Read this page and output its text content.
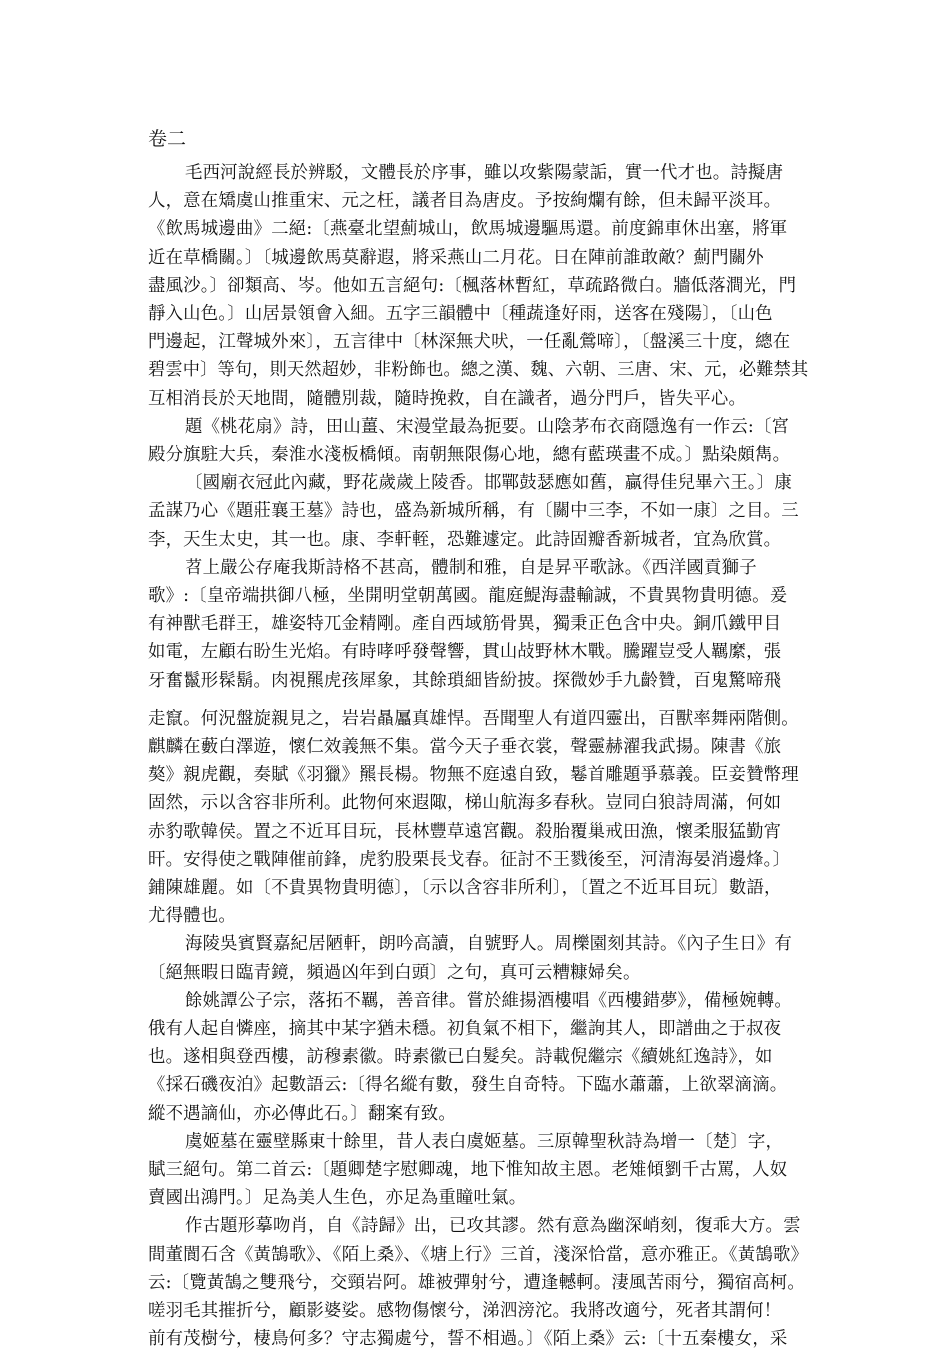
卷二
毛西河說經長於辨駁，文體長於序事，雖以攻紫陽蒙詬，實一代才也。詩擬唐
人，意在矯虞山推重宋、元之枉，議者目為唐皮。予按絢爛有餘，但未歸平淡耳。
《飲馬城邊曲》二絕:〔燕臺北望薊城山，飲馬城邊驅馬還。前度錦車休出塞，將軍
近在草橋關。〕〔城邊飲馬莫辭遐，將采燕山二月花。日在陣前誰敢敵？薊門關外
盡風沙。〕卻類高、岑。他如五言絕句:〔楓落林暫紅，草疏路微白。牆低落澗光，門
靜入山色。〕山居景領會入細。五字三韻體中〔種蔬逢好雨，送客在殘陽〕，〔山色
門邊起，江聲城外來〕，五言律中〔林深無犬吠，一任亂鶯啼〕，〔盤溪三十度，總在
碧雲中〕等句，則天然超妙，非粉飾也。總之漢、魏、六朝、三唐、宋、元，必難禁其
互相消長於天地間，隨體別裁，隨時挽救，自在識者，過分門戶，皆失平心。
題《桃花扇》詩，田山薑、宋漫堂最為扼要。山陰茅布衣商隱逸有一作云:〔宮
殿分旗駐大兵，秦淮水淺板橋傾。南朝無限傷心地，總有藍瑛畫不成。〕點染頗雋。
〔國廟衣冠此內藏，野花歲歲上陵香。邯鄲鼓瑟應如舊，贏得佳兒畢六王。〕康
孟謀乃心《題莊襄王墓》詩也，盛為新城所稱，有〔關中三李，不如一康〕之目。三
李，天生太史，其一也。康、李軒輊，恐難遽定。此詩固瓣香新城者，宜為欣賞。
苕上嚴公存庵我斯詩格不甚高，體制和雅，自是昇平歌詠。《西洋國貢獅子
歌》:〔皇帝端拱御八極，坐開明堂朝萬國。龍庭鯷海盡輸誠，不貴異物貴明德。爰
有神獸毛群王，雄姿特兀金精剛。產自西域筋骨異，獨秉正色含中央。銅爪鐵甲目
如電，左顧右盼生光焰。有時哮呼發聲響，貫山敁野林木戰。騰躍豈受人羈縻，張
牙奮鬣形髹鬍。肉視羆虎孩犀象，其餘瑣細皆紛披。探微妙手九齡贊，百鬼驚啼飛
走竄。何況盤旋親見之，岩岩贔屭真雄悍。吾聞聖人有道四靈出，百獸率舞兩階側。
麒麟在藪白澤遊，懷仁效義無不集。當今天子垂衣裳，聲靈赫濯我武揚。陳書《旅
獒》親虎觀，奏賦《羽獵》羆長楊。物無不庭遠自致，鬈首雕題爭慕義。臣妾贊幣理
固然，示以含容非所利。此物何來遐陬，梯山航海多春秋。豈同白狼詩周滿，何如
赤豹歌韓侯。置之不近耳目玩，長林豐草遠宮觀。殺胎覆巢戒田漁，懷柔服猛勤宵
旰。安得使之戰陣催前鋒，虎豹股栗長戈春。征討不王戮後至，河清海晏消邊烽。〕
鋪陳雄麗。如〔不貴異物貴明德〕，〔示以含容非所利〕，〔置之不近耳目玩〕數語，
尤得體也。
海陵吳賓賢嘉紀居陋軒，朗吟高讀，自號野人。周櫟園刻其詩。《內子生日》有
〔絕無暇日臨青鏡，頻過凶年到白頭〕之句，真可云糟糠婦矣。
餘姚譚公子宗，落拓不羈，善音律。嘗於維揚酒樓唱《西樓錯夢》，備極婉轉。
俄有人起自憐座，摘其中某字猶未穩。初負氣不相下，繼詢其人，即譜曲之于叔夜
也。遂相與登西樓，訪穆素徽。時素徽已白髮矣。詩載倪繼宗《續姚紅逸詩》，如
《採石磯夜泊》起數語云:〔得名縱有數，發生自奇特。下臨水蕭蕭，上欲翠滴滴。
縱不遇謫仙，亦必傳此石。〕翻案有致。
虞姬墓在靈壁縣東十餘里，昔人表白虞姬墓。三原韓聖秋詩為增一〔楚〕字，
賦三絕句。第二首云:〔題卿楚字慰卿魂，地下惟知故主恩。老雉傾劉千古罵，人奴
賣國出鴻門。〕足為美人生色，亦足為重瞳吐氣。
作古題形摹吻肖，自《詩歸》出，已攻其謬。然有意為幽深峭刻，復乖大方。雲
間董閬石含《黃鵠歌》、《陌上桑》、《塘上行》三首，淺深恰當，意亦雅正。《黃鵠歌》
云:〔覽黃鵠之雙飛兮，交頸岩阿。雄被彈射兮，遭逢轗軻。淒風苦雨兮，獨宿高柯。
嗟羽毛其摧折兮，顧影婆娑。感物傷懷兮，涕泗滂沱。我將改適兮，死者其謂何！
前有茂樹兮，棲鳥何多？守志獨處兮，誓不相過。〕《陌上桑》云:〔十五秦樓女，采
